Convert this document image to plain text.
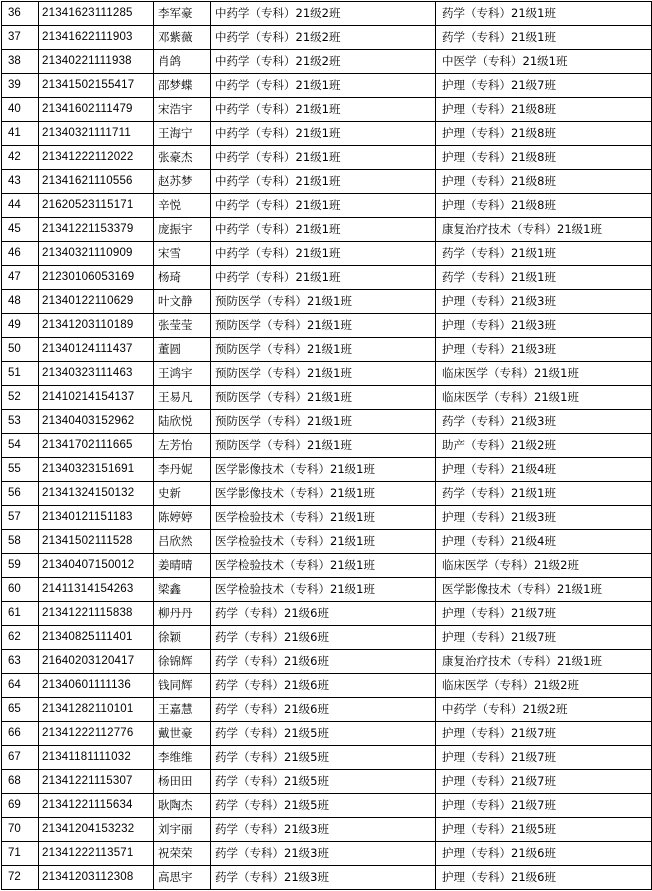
36	21341623111285	李军豪	中药学（专科）21级2班	药学（专科）21级1班
37	21341622111903	邓紫薇	中药学（专科）21级2班	药学（专科）21级1班
38	21340221111938	肖鸽	中药学（专科）21级2班	中医学（专科）21级1班
39	21341502155417	邵梦蝶	中药学（专科）21级1班	护理（专科）21级7班
40	21341602111479	宋浩宇	中药学（专科）21级1班	护理（专科）21级8班
41	21340321111711	王海宁	中药学（专科）21级1班	护理（专科）21级8班
42	21341222112022	张豪杰	中药学（专科）21级1班	护理（专科）21级8班
43	21341621110556	赵苏梦	中药学（专科）21级1班	护理（专科）21级8班
44	21620523115171	辛悦	中药学（专科）21级1班	护理（专科）21级8班
45	21341221153379	庞振宇	中药学（专科）21级1班	康复治疗技术（专科）21级1班
46	21340321110909	宋雪	中药学（专科）21级1班	药学（专科）21级1班
47	21230106053169	杨琦	中药学（专科）21级1班	药学（专科）21级1班
48	21340122110629	叶文静	预防医学（专科）21级1班	护理（专科）21级3班
49	21341203110189	张莹莹	预防医学（专科）21级1班	护理（专科）21级3班
50	21340124111437	董圆	预防医学（专科）21级1班	护理（专科）21级3班
51	21340323111463	王鸿宇	预防医学（专科）21级1班	临床医学（专科）21级1班
52	21410214154137	王易凡	预防医学（专科）21级1班	临床医学（专科）21级1班
53	21340403152962	陆欣悦	预防医学（专科）21级1班	药学（专科）21级3班
54	21341702111665	左芳怡	预防医学（专科）21级1班	助产（专科）21级2班
55	21340323151691	李丹妮	医学影像技术（专科）21级1班	护理（专科）21级4班
56	21341324150132	史新	医学影像技术（专科）21级1班	药学（专科）21级1班
57	21340121151183	陈婷婷	医学检验技术（专科）21级1班	护理（专科）21级3班
58	21341502111528	吕欣然	医学检验技术（专科）21级1班	护理（专科）21级4班
59	21340407150012	姜晴晴	医学检验技术（专科）21级1班	临床医学（专科）21级2班
60	21411314154263	梁鑫	医学检验技术（专科）21级1班	医学影像技术（专科）21级1班
61	21341221115838	柳丹丹	药学（专科）21级6班	护理（专科）21级7班
62	21340825111401	徐颖	药学（专科）21级6班	护理（专科）21级7班
63	21640203120417	徐锦辉	药学（专科）21级6班	康复治疗技术（专科）21级1班
64	21340601111136	钱同辉	药学（专科）21级6班	临床医学（专科）21级2班
65	21341282110101	王嘉慧	药学（专科）21级6班	中药学（专科）21级2班
66	21341222112776	戴世豪	药学（专科）21级5班	护理（专科）21级7班
67	21341181111032	李维维	药学（专科）21级5班	护理（专科）21级7班
68	21341221115307	杨田田	药学（专科）21级5班	护理（专科）21级7班
69	21341221115634	耿陶杰	药学（专科）21级5班	护理（专科）21级7班
70	21341204153232	刘宇丽	药学（专科）21级3班	护理（专科）21级5班
71	21341222113571	祝荣荣	药学（专科）21级3班	护理（专科）21级6班
72	21341203112308	高思宇	药学（专科）21级3班	护理（专科）21级6班
